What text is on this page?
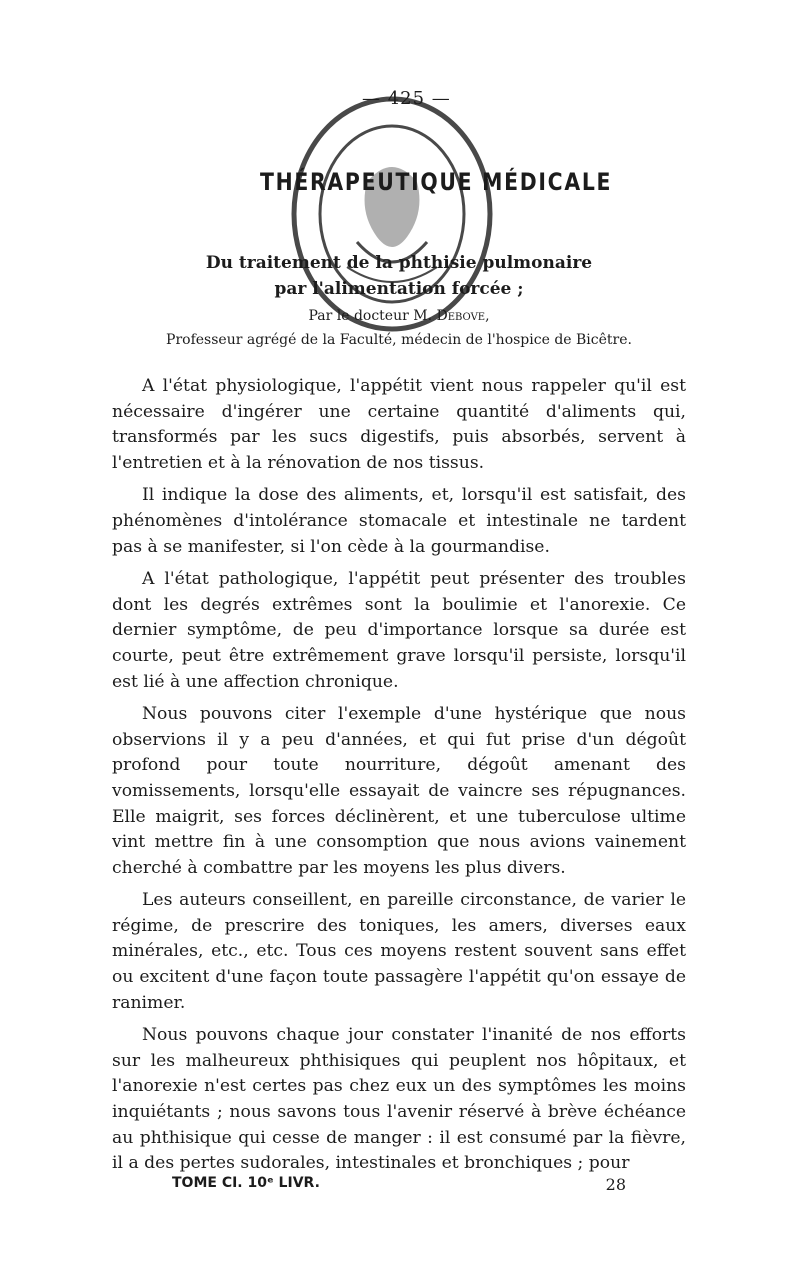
— 425 —
THÉRAPEUTIQUE MÉDICALE
Du traitement de la phthisie pulmonaire
par l'alimentation forcée ;
Par le docteur M. Debove,
Professeur agrégé de la Faculté, médecin de l'hospice de Bicêtre.

A l'état physiologique, l'appétit vient nous rappeler qu'il est nécessaire d'ingérer une certaine quantité d'aliments qui, transformés par les sucs digestifs, puis absorbés, servent à l'entretien et à la rénovation de nos tissus.

Il indique la dose des aliments, et, lorsqu'il est satisfait, des phénomènes d'intolérance stomacale et intestinale ne tardent pas à se manifester, si l'on cède à la gourmandise.

A l'état pathologique, l'appétit peut présenter des troubles dont les degrés extrêmes sont la boulimie et l'anorexie. Ce dernier symptôme, de peu d'importance lorsque sa durée est courte, peut être extrêmement grave lorsqu'il persiste, lorsqu'il est lié à une affection chronique.

Nous pouvons citer l'exemple d'une hystérique que nous observions il y a peu d'années, et qui fut prise d'un dégoût profond pour toute nourriture, dégoût amenant des vomissements, lorsqu'elle essayait de vaincre ses répugnances. Elle maigrit, ses forces déclinèrent, et une tuberculose ultime vint mettre fin à une consomption que nous avions vainement cherché à combattre par les moyens les plus divers.

Les auteurs conseillent, en pareille circonstance, de varier le régime, de prescrire des toniques, les amers, diverses eaux minérales, etc., etc. Tous ces moyens restent souvent sans effet ou excitent d'une façon toute passagère l'appétit qu'on essaye de ranimer.

Nous pouvons chaque jour constater l'inanité de nos efforts sur les malheureux phthisiques qui peuplent nos hôpitaux, et l'anorexie n'est certes pas chez eux un des symptômes les moins inquiétants ; nous savons tous l'avenir réservé à brève échéance au phthisique qui cesse de manger : il est consumé par la fièvre, il a des pertes sudorales, intestinales et bronchiques ; pour

TOME CI. 10ᵉ LIVR.	28
